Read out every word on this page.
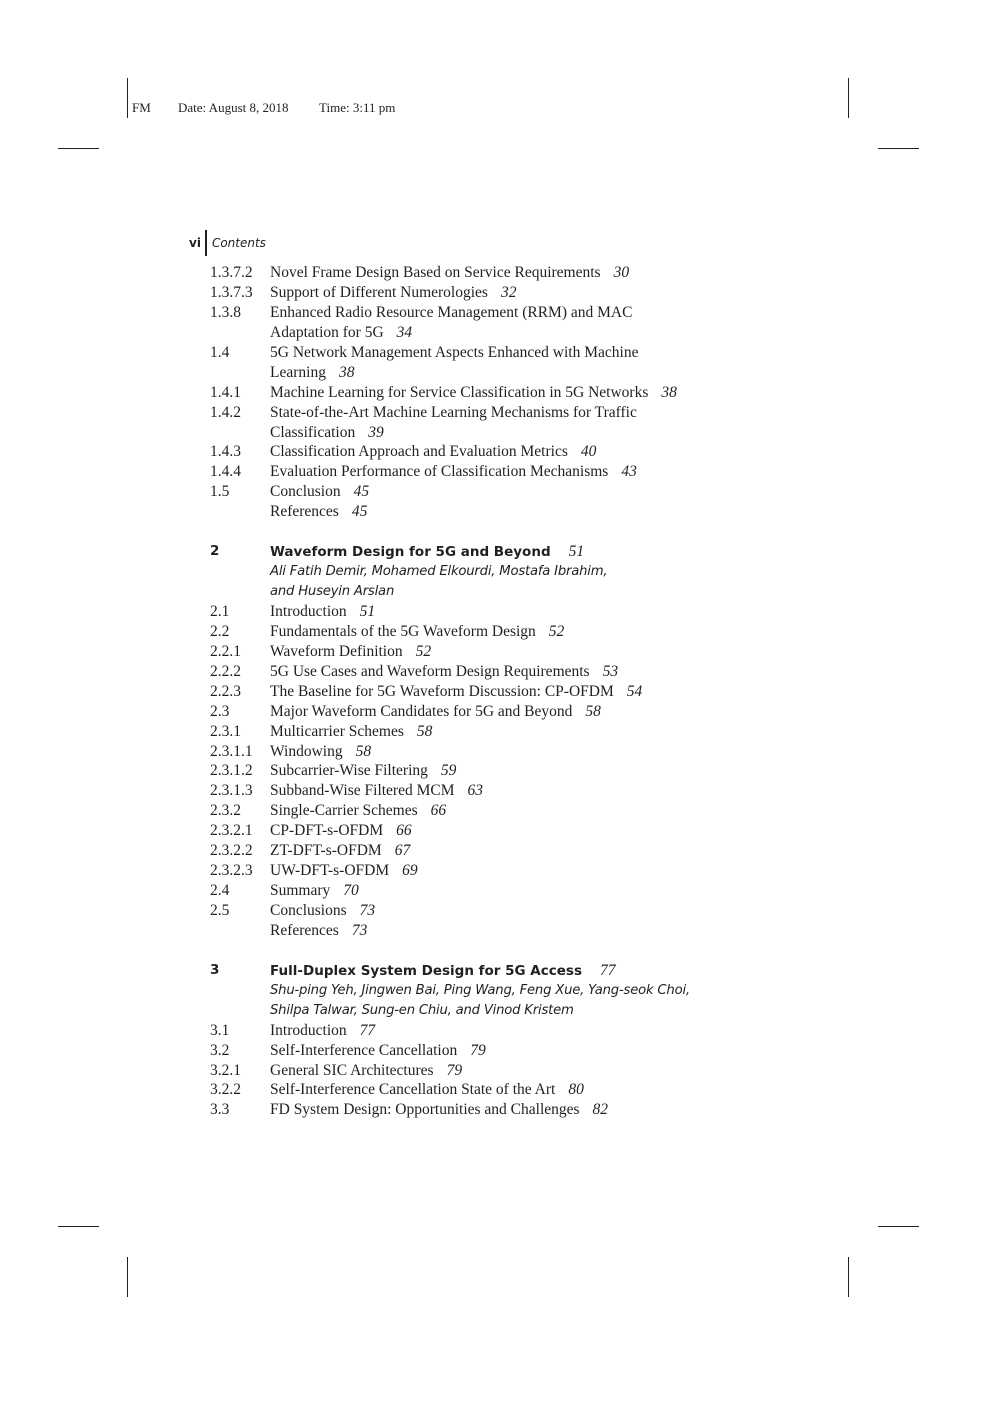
FM Date: August 8, 2018 Time: 3:11 pm
vi Contents
1.3.7.2 Novel Frame Design Based on Service Requirements 30
1.3.7.3 Support of Different Numerologies 32
1.3.8 Enhanced Radio Resource Management (RRM) and MAC
Adaptation for 5G 34
1.4	5G Network Management Aspects Enhanced with Machine
Learning 38
1.4.1 Machine Learning for Service Classification in 5G Networks 38
1.4.2 State-of-the-Art Machine Learning Mechanisms for Traffic
Classification 39
1.4.3 Classification Approach and Evaluation Metrics 40
1.4.4 Evaluation Performance of Classification Mechanisms 43
1.5	Conclusion 45
References 45
2	Waveform Design for 5G and Beyond 51
Ali Fatih Demir, Mohamed Elkourdi, Mostafa Ibrahim,
and Huseyin Arslan
2.1	Introduction 51
2.2	Fundamentals of the 5G Waveform Design 52
2.2.1 Waveform Definition 52
2.2.2 5G Use Cases and Waveform Design Requirements 53
2.2.3 The Baseline for 5G Waveform Discussion: CP-OFDM 54
2.3	Major Waveform Candidates for 5G and Beyond 58
2.3.1 Multicarrier Schemes 58
2.3.1.1 Windowing 58
2.3.1.2 Subcarrier-Wise Filtering 59
2.3.1.3 Subband-Wise Filtered MCM 63
2.3.2 Single-Carrier Schemes 66
2.3.2.1 CP-DFT-s-OFDM 66
2.3.2.2 ZT-DFT-s-OFDM 67
2.3.2.3 UW-DFT-s-OFDM 69
2.4	Summary 70
2.5	Conclusions 73
References 73
3	Full-Duplex System Design for 5G Access 77
Shu-ping Yeh, Jingwen Bai, Ping Wang, Feng Xue, Yang-seok Choi,
Shilpa Talwar, Sung-en Chiu, and Vinod Kristem
3.1	Introduction 77
3.2	Self-Interference Cancellation 79
3.2.1 General SIC Architectures 79
3.2.2 Self-Interference Cancellation State of the Art 80
3.3	FD System Design: Opportunities and Challenges 82
